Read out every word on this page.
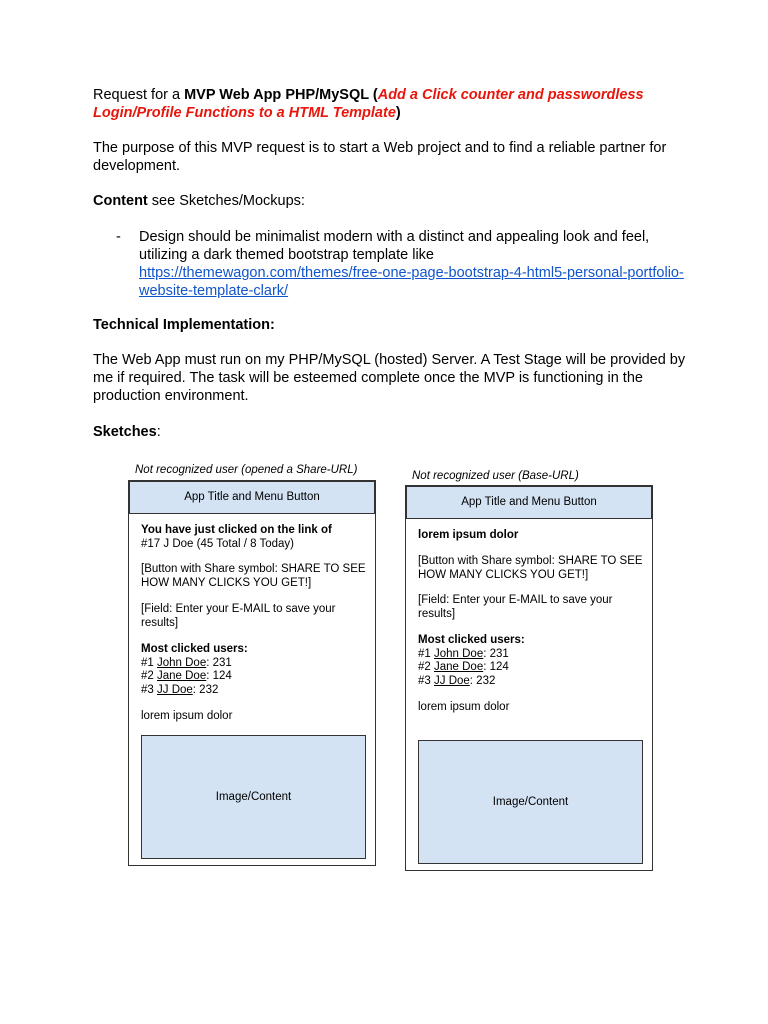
Request for a MVP Web App PHP/MySQL (Add a Click counter and passwordless
Login/Profile Functions to a HTML Template)

The purpose of this MVP request is to start a Web project and to find a reliable partner for development.

Content see Sketches/Mockups:

- Design should be minimalist modern with a distinct and appealing look and feel, utilizing a dark themed bootstrap template like
https://themewagon.com/themes/free-one-page-bootstrap-4-html5-personal-portfolio-
website-template-clark/

Technical Implementation:

The Web App must run on my PHP/MySQL (hosted) Server. A Test Stage will be provided by me if required. The task will be esteemed complete once the MVP is functioning in the production environment.

Sketches:

Not recognized user (opened a Share-URL)
App Title and Menu Button
You have just clicked on the link of
#17 J Doe (45 Total / 8 Today)
[Button with Share symbol: SHARE TO SEE HOW MANY CLICKS YOU GET!]
[Field: Enter your E-MAIL to save your results]
Most clicked users:
#1 John Doe: 231
#2 Jane Doe: 124
#3 JJ Doe: 232
lorem ipsum dolor
Image/Content
Not recognized user (Base-URL)
App Title and Menu Button
lorem ipsum dolor
[Button with Share symbol: SHARE TO SEE HOW MANY CLICKS YOU GET!]
[Field: Enter your E-MAIL to save your results]
Most clicked users:
#1 John Doe: 231
#2 Jane Doe: 124
#3 JJ Doe: 232
lorem ipsum dolor
Image/Content
